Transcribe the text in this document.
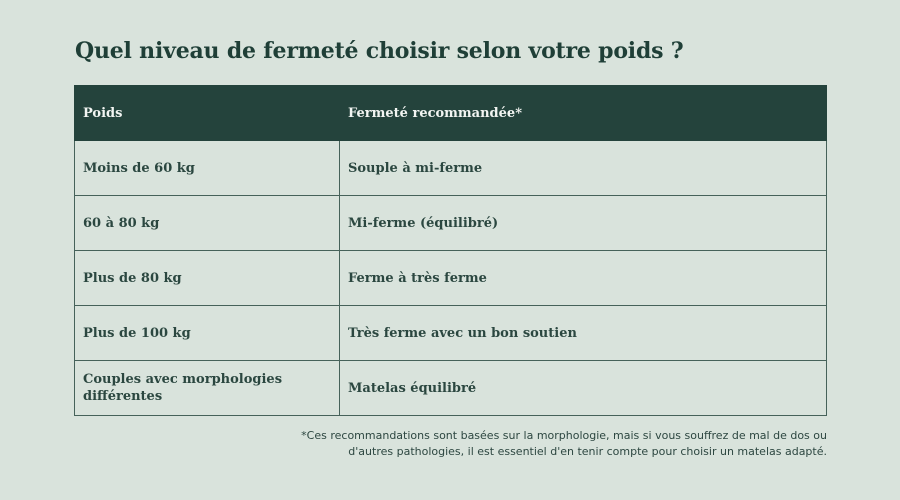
Quel niveau de fermeté choisir selon votre poids ?
Poids	Fermeté recommandée*
Moins de 60 kg	Souple à mi-ferme
60 à 80 kg	Mi-ferme (équilibré)
Plus de 80 kg	Ferme à très ferme
Plus de 100 kg	Très ferme avec un bon soutien
Couples avec morphologies différentes	Matelas équilibré

*Ces recommandations sont basées sur la morphologie, mais si vous souffrez de mal de dos ou
d'autres pathologies, il est essentiel d'en tenir compte pour choisir un matelas adapté.
